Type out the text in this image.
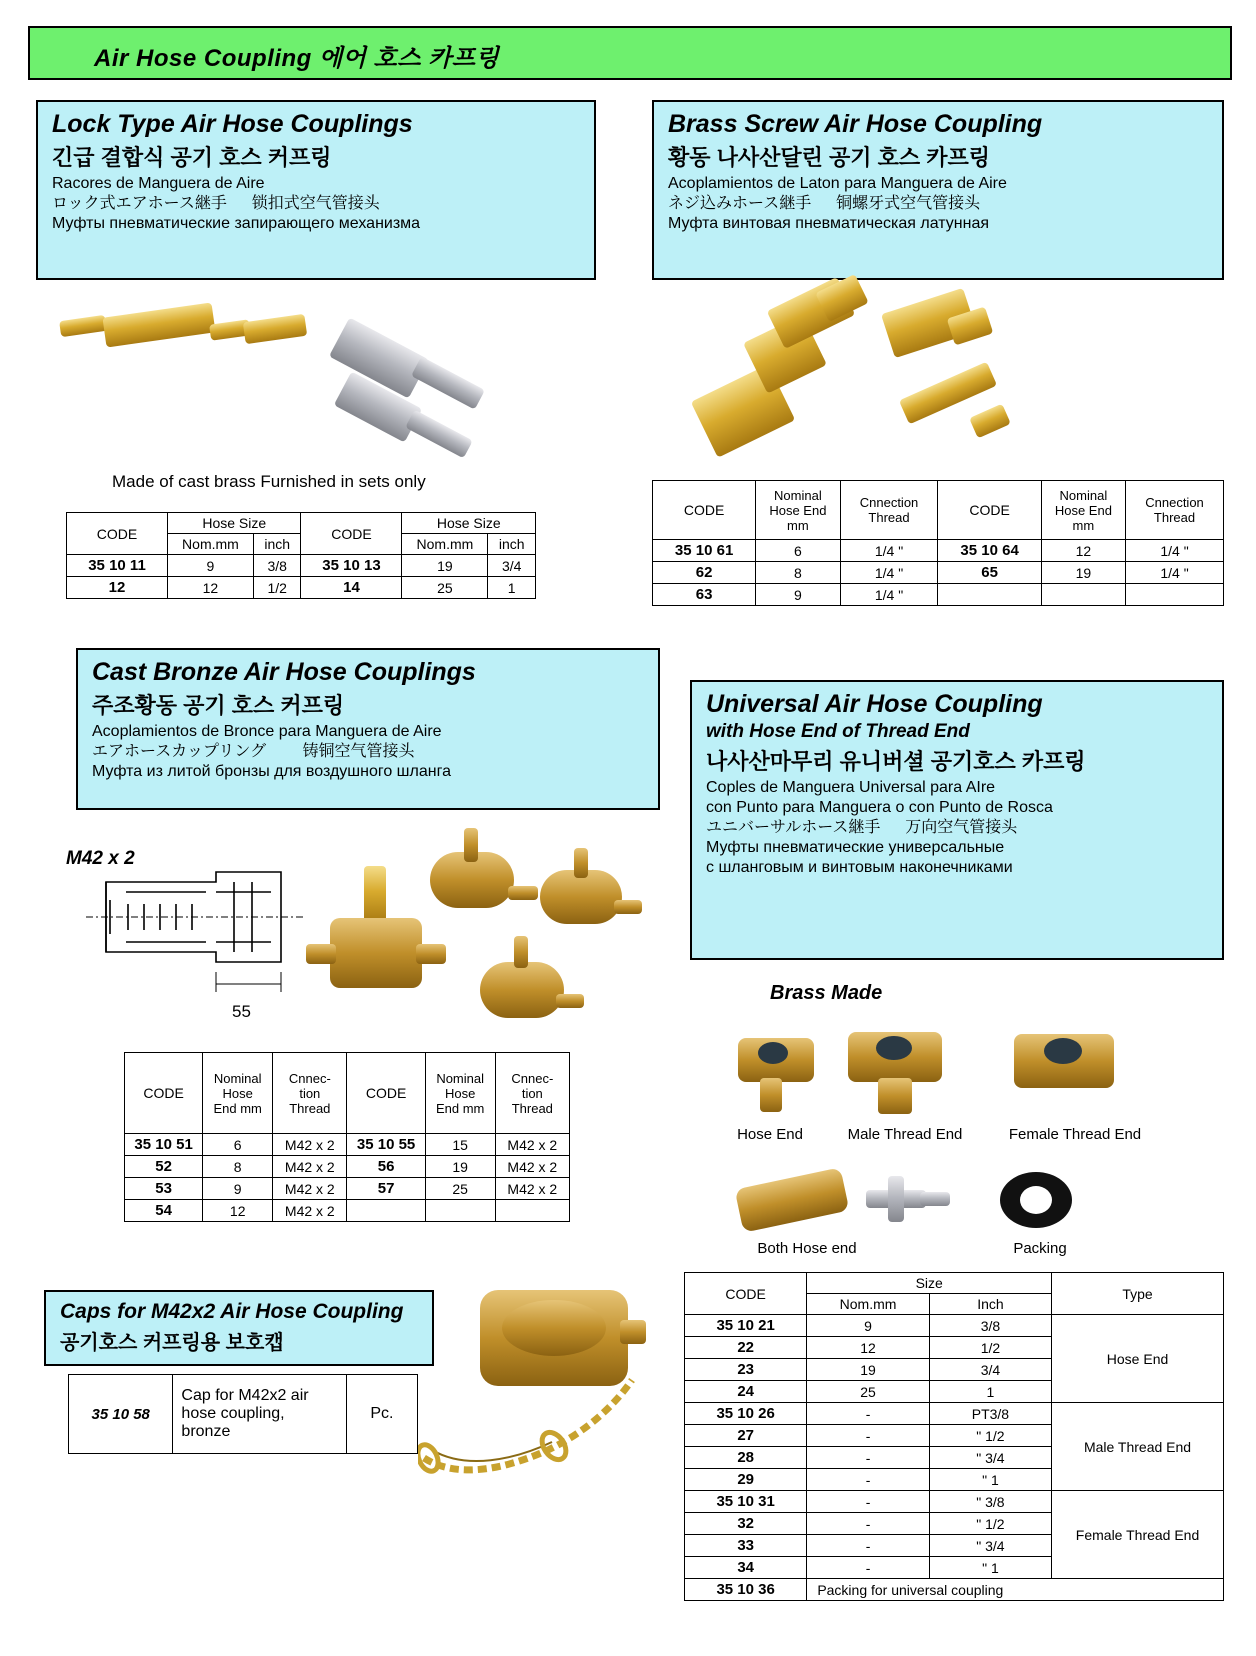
Air Hose Coupling 에어 호스 카프링
Lock Type Air Hose Couplings

긴급 결합식 공기 호스 커프링

Racores de Manguera de Aire

ロック式エアホース継手 　 锁扣式空气管接头

Муфты пневматические запирающего механизма

Made of cast brass Furnished in sets only
CODE	Hose Size		CODE	Hose Size	
	Nom.mm	inch		Nom.mm	inch
35 10 11	9	3/8	35 10 13	19	3/4
12	12	1/2	14	25	1
Brass Screw Air Hose Coupling

황동 나사산달린 공기 호스 카프링

Acoplamientos de Laton para Manguera de Aire

ネジ込みホース継手 　 铜螺牙式空气管接头

Муфта винтовая пневматическая латунная

CODE	Nominal Hose End mm	Cnnection Thread	CODE	Nominal Hose End mm	Cnnection Thread
35 10 61	6	1/4 "	35 10 64	12	1/4 "
62	8	1/4 "	65	19	1/4 "
63	9	1/4 "			
Cast Bronze Air Hose Couplings

주조황동 공기 호스 커프링

Acoplamientos de Bronce para Manguera de Aire

エアホースカップリング　 　铸铜空气管接头

Муфта из литой бронзы для воздушного шланга

M42 x 2
55
CODE	Nominal Hose End mm	Cnnec- tion Thread	CODE	Nominal Hose End mm	Cnnec- tion Thread
35 10 51	6	M42 x 2	35 10 55	15	M42 x 2
52	8	M42 x 2	56	19	M42 x 2
53	9	M42 x 2	57	25	M42 x 2
54	12	M42 x 2			
Universal Air Hose Coupling
with Hose End of Thread End

나사산마무리 유니버셜 공기호스 카프링

Coples de Manguera Universal para AIre

con Punto para Manguera o con Punto de Rosca

ユニバーサルホース継手 　 万向空气管接头

Муфты пневматические универсальные

с шланговым и винтовым наконечниками

Brass Made
Hose End	Male Thread End	Female Thread End
Both Hose end	Packing
CODE	Size		Type
	Nom.mm	Inch	
35 10 21	9	3/8	Hose End
22	12	1/2	
23	19	3/4	
24	25	1	
35 10 26	-	PT3/8	Male Thread End
27	-	" 1/2	
28	-	" 3/4	
29	-	" 1	
35 10 31	-	" 3/8	Female Thread End
32	-	" 1/2	
33	-	" 3/4	
34	-	" 1	
35 10 36	Packing for universal coupling		
Caps for M42x2 Air Hose Coupling

공기호스 커프링용 보호캡

35 10 58	Cap for M42x2 air hose coupling, bronze	Pc.
